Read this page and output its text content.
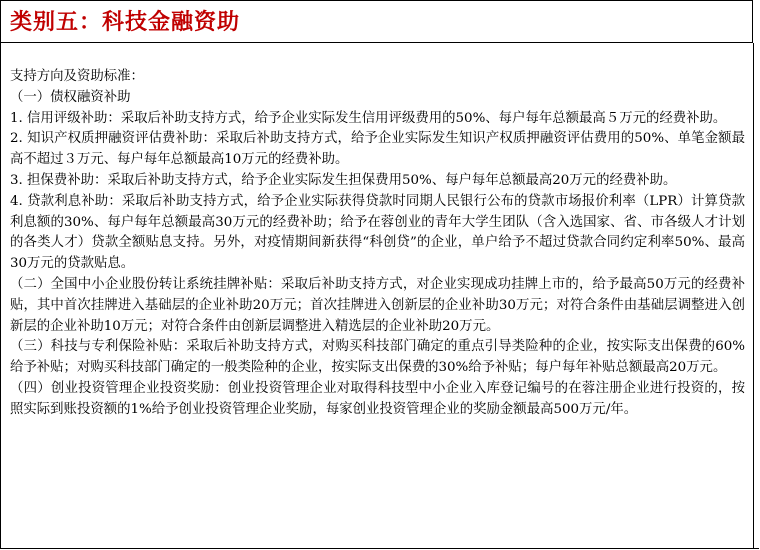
类别五：科技金融资助

支持方向及资助标准：

（一）债权融资补助

1. 信用评级补助：采取后补助支持方式，给予企业实际发生信用评级费用的50%、每户每年总额最高５万元的经费补助。

2. 知识产权质押融资评估费补助：采取后补助支持方式，给予企业实际发生知识产权质押融资评估费用的50%、单笔金额最高不超过３万元、每户每年总额最高10万元的经费补助。

3. 担保费补助：采取后补助支持方式，给予企业实际发生担保费用50%、每户每年总额最高20万元的经费补助。

4. 贷款利息补助：采取后补助支持方式，给予企业实际获得贷款时同期人民银行公布的贷款市场报价利率（LPR）计算贷款利息额的30%、每户每年总额最高30万元的经费补助；给予在蓉创业的青年大学生团队（含入选国家、省、市各级人才计划的各类人才）贷款全额贴息支持。另外，对疫情期间新获得“科创贷”的企业，单户给予不超过贷款合同约定利率50%、最高30万元的贷款贴息。

（二）全国中小企业股份转让系统挂牌补贴：采取后补助支持方式，对企业实现成功挂牌上市的，给予最高50万元的经费补贴，其中首次挂牌进入基础层的企业补助20万元；首次挂牌进入创新层的企业补助30万元；对符合条件由基础层调整进入创新层的企业补助10万元；对符合条件由创新层调整进入精选层的企业补助20万元。

（三）科技与专利保险补贴：采取后补助支持方式，对购买科技部门确定的重点引导类险种的企业，按实际支出保费的60%给予补贴；对购买科技部门确定的一般类险种的企业，按实际支出保费的30%给予补贴；每户每年补贴总额最高20万元。

（四）创业投资管理企业投资奖励：创业投资管理企业对取得科技型中小企业入库登记编号的在蓉注册企业进行投资的，按照实际到账投资额的1%给予创业投资管理企业奖励，每家创业投资管理企业的奖励金额最高500万元/年。
